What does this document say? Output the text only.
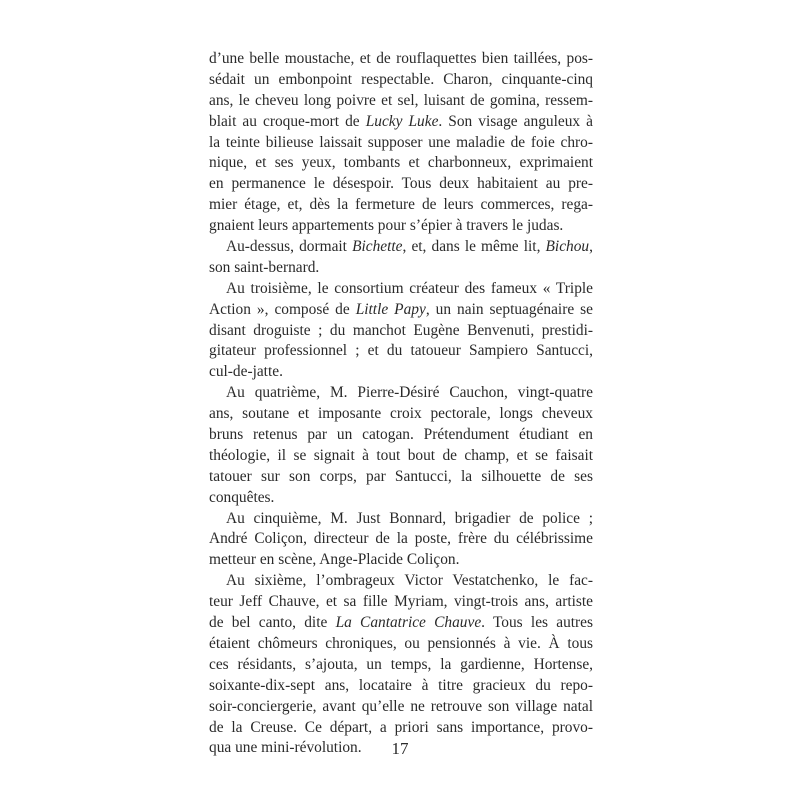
d’une belle moustache, et de rouflaquettes bien taillées, pos-
sédait un embonpoint respectable. Charon, cinquante-cinq
ans, le cheveu long poivre et sel, luisant de gomina, ressem-
blait au croque-mort de Lucky Luke. Son visage anguleux à
la teinte bilieuse laissait supposer une maladie de foie chro-
nique, et ses yeux, tombants et charbonneux, exprimaient
en permanence le désespoir. Tous deux habitaient au pre-
mier étage, et, dès la fermeture de leurs commerces, rega-
gnaient leurs appartements pour s’épier à travers le judas.
Au-dessus, dormait Bichette, et, dans le même lit, Bichou,
son saint-bernard.
Au troisième, le consortium créateur des fameux « Triple
Action », composé de Little Papy, un nain septuagénaire se
disant droguiste ; du manchot Eugène Benvenuti, prestidi-
gitateur professionnel ; et du tatoueur Sampiero Santucci,
cul-de-jatte.
Au quatrième, M. Pierre-Désiré Cauchon, vingt-quatre
ans, soutane et imposante croix pectorale, longs cheveux
bruns retenus par un catogan. Prétendument étudiant en
théologie, il se signait à tout bout de champ, et se faisait
tatouer sur son corps, par Santucci, la silhouette de ses
conquêtes.
Au cinquième, M. Just Bonnard, brigadier de police ;
André Coliçon, directeur de la poste, frère du célébrissime
metteur en scène, Ange-Placide Coliçon.
Au sixième, l’ombrageux Victor Vestatchenko, le fac-
teur Jeff Chauve, et sa fille Myriam, vingt-trois ans, artiste
de bel canto, dite La Cantatrice Chauve. Tous les autres
étaient chômeurs chroniques, ou pensionnés à vie. À tous
ces résidants, s’ajouta, un temps, la gardienne, Hortense,
soixante-dix-sept ans, locataire à titre gracieux du repo-
soir-conciergerie, avant qu’elle ne retrouve son village natal
de la Creuse. Ce départ, a priori sans importance, provo-
qua une mini-révolution.	17
